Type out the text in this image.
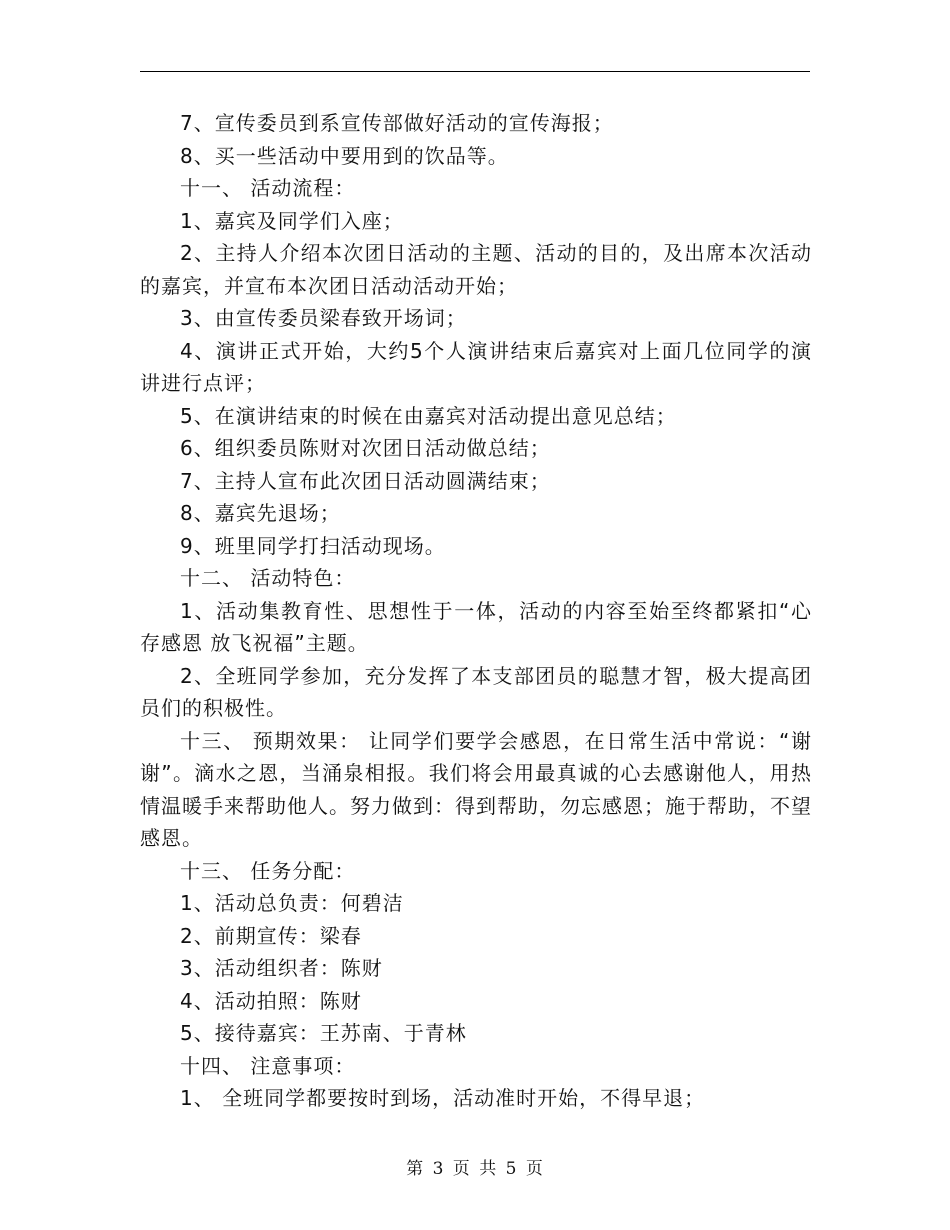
7、宣传委员到系宣传部做好活动的宣传海报；

8、买一些活动中要用到的饮品等。

十一、 活动流程：

1、嘉宾及同学们入座；

2、主持人介绍本次团日活动的主题、活动的目的，及出席本次活动的嘉宾，并宣布本次团日活动活动开始；

3、由宣传委员梁春致开场词；

4、演讲正式开始，大约5个人演讲结束后嘉宾对上面几位同学的演讲进行点评；

5、在演讲结束的时候在由嘉宾对活动提出意见总结；

6、组织委员陈财对次团日活动做总结；

7、主持人宣布此次团日活动圆满结束；

8、嘉宾先退场；

9、班里同学打扫活动现场。

十二、 活动特色：

1、活动集教育性、思想性于一体，活动的内容至始至终都紧扣“心存感恩 放飞祝福”主题。

2、全班同学参加，充分发挥了本支部团员的聪慧才智，极大提高团员们的积极性。

十三、 预期效果： 让同学们要学会感恩，在日常生活中常说：“谢谢”。滴水之恩，当涌泉相报。我们将会用最真诚的心去感谢他人，用热情温暖手来帮助他人。努力做到：得到帮助，勿忘感恩；施于帮助，不望感恩。

十三、 任务分配：

1、活动总负责：何碧洁

2、前期宣传：梁春

3、活动组织者：陈财

4、活动拍照：陈财

5、接待嘉宾：王苏南、于青林

十四、 注意事项：

1、 全班同学都要按时到场，活动准时开始，不得早退；

第 3 页 共 5 页
